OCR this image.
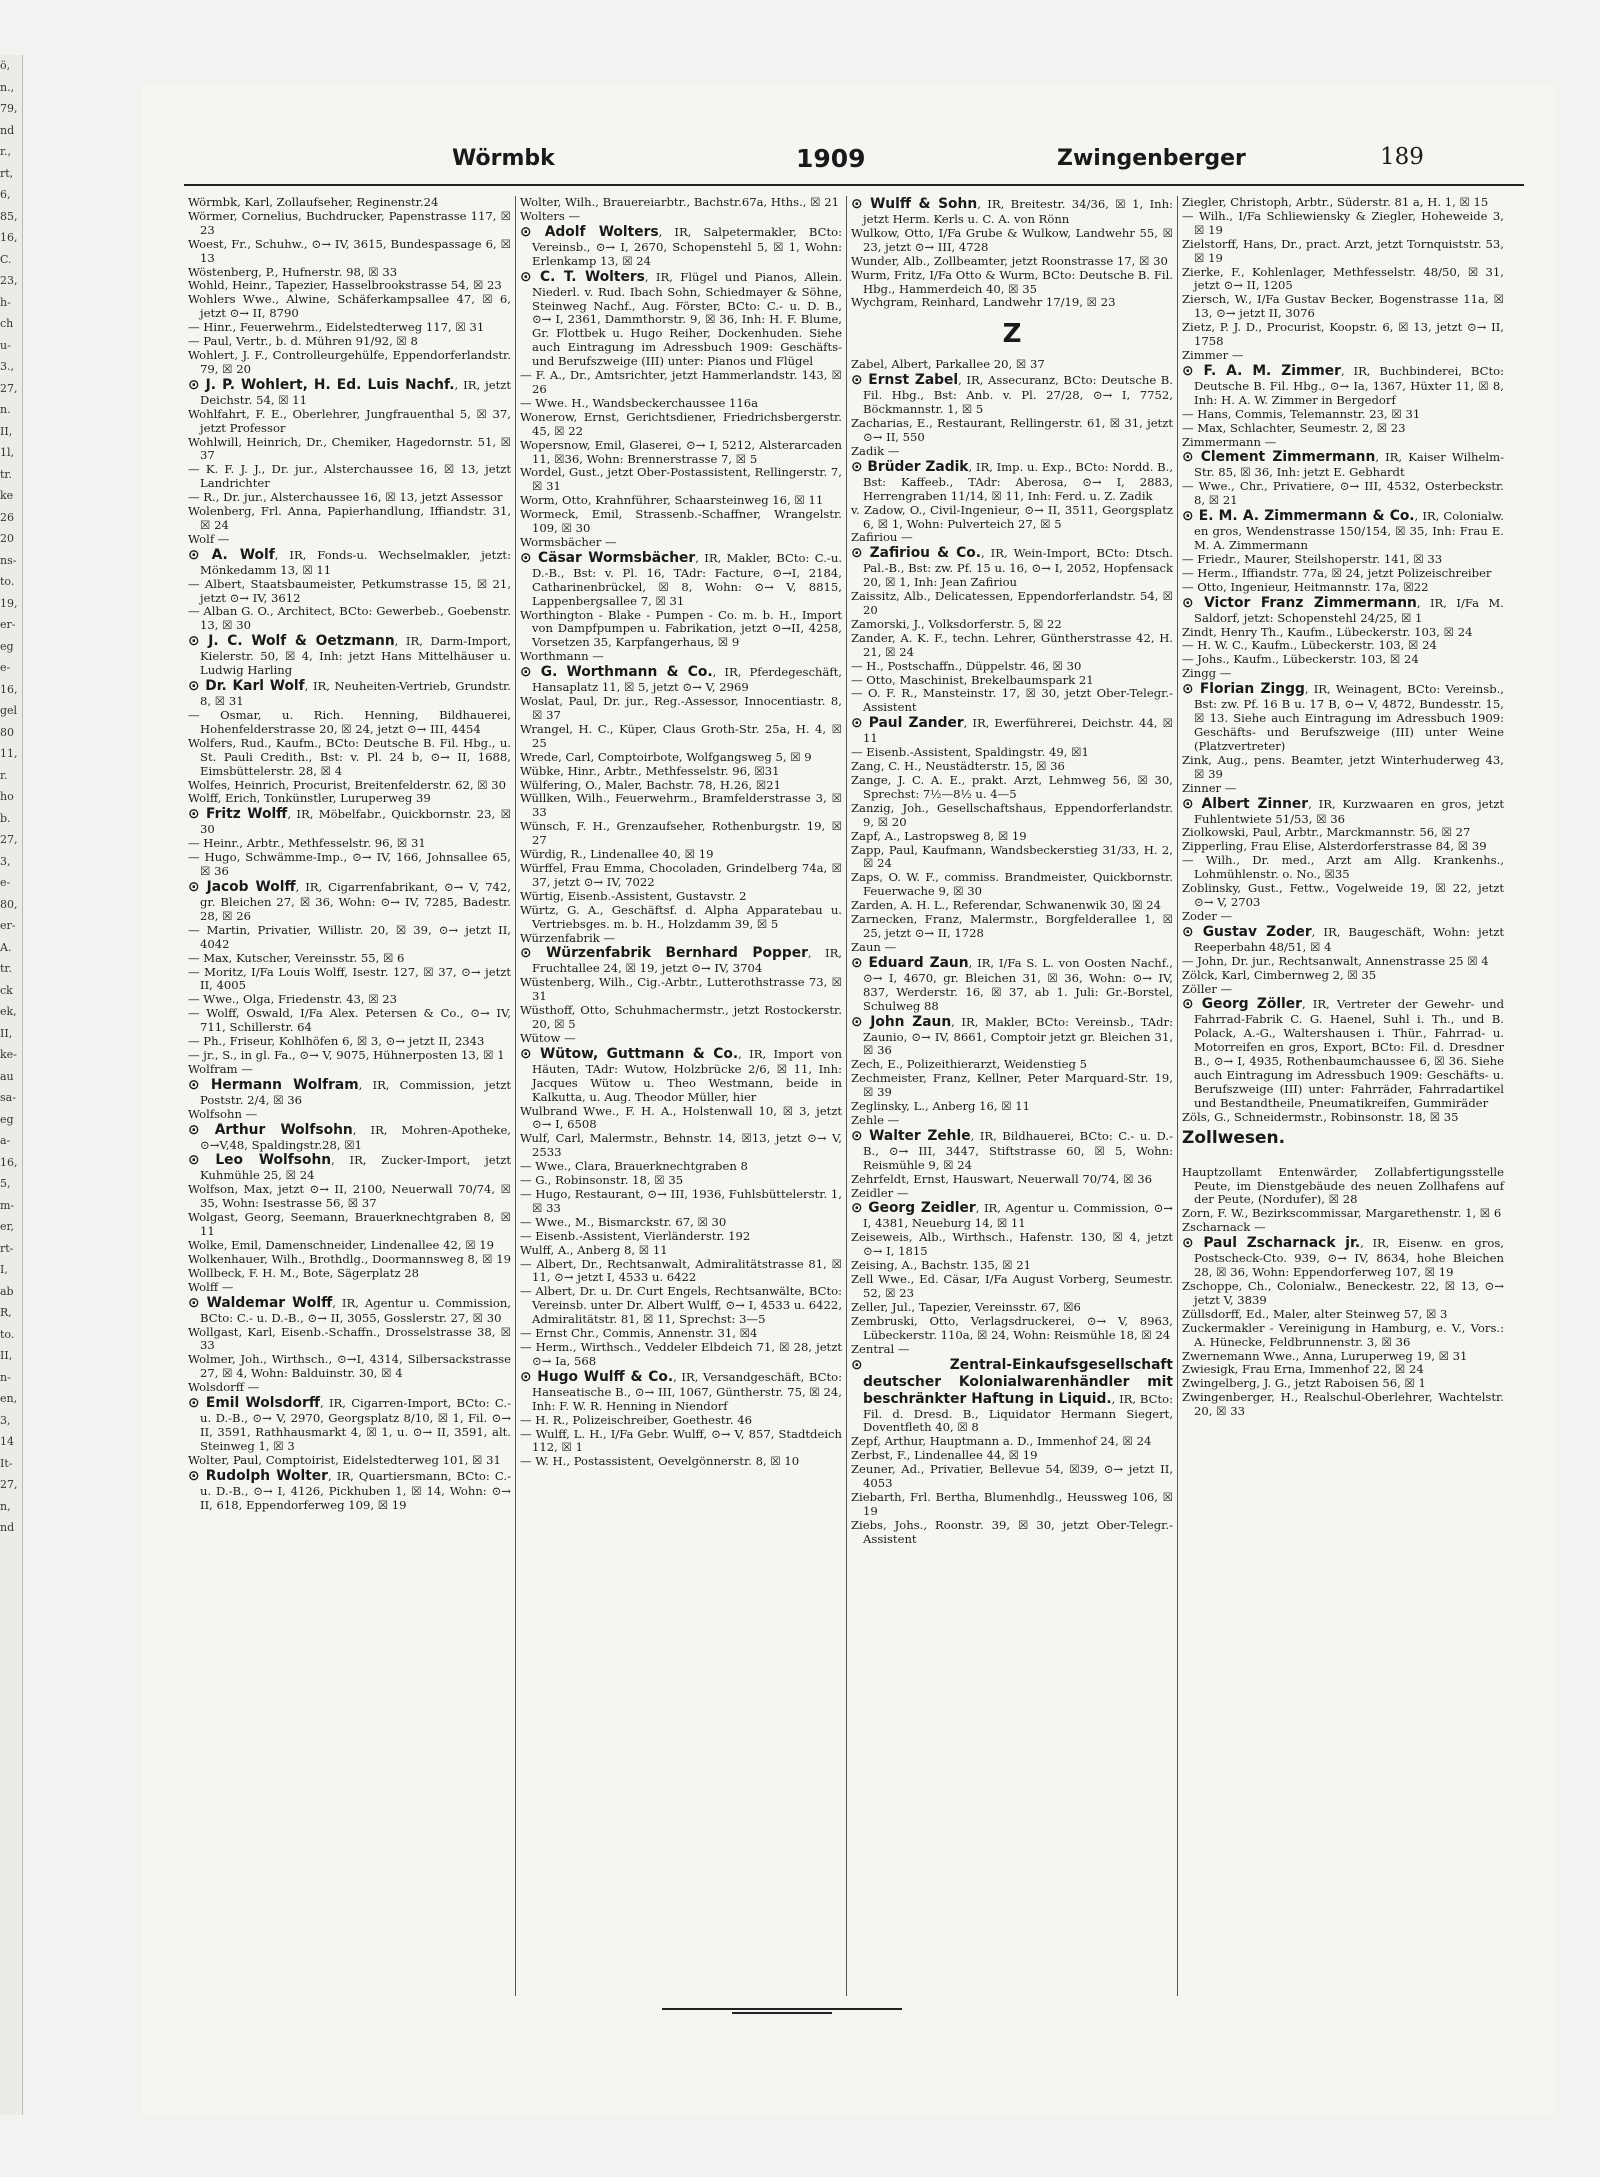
ö,
n.,
79,
nd
r.,
rt,
6,
85,
16,
C.
23,
h-
ch
u-
3.,
27,
n.
II,
1l,
tr.
ke
26
20
ns-
to.
19,
er-
eg
e-
16,
gel
80
11,
r.
ho
b.
27,
3,
e-
80,
er-
A.
tr.
ck
ek,
II,
ke-
au
sa-
eg
a-
16,
5,
m-
er,
rt-
I,
ab
R,
to.
II,
n-
en,
3,
14
It-
27,
n,
nd
Wörmbk	1909	Zwingenberger	189

Wörmbk, Karl, Zollaufseher, Reginenstr.24

Wörmer, Cornelius, Buchdrucker, Papenstrasse 117, ☒ 23

Woest, Fr., Schuhw., ⊙→ IV, 3615, Bundespassage 6, ☒ 13

Wöstenberg, P., Hufnerstr. 98, ☒ 33

Wohld, Heinr., Tapezier, Hasselbrookstrasse 54, ☒ 23

Wohlers Wwe., Alwine, Schäferkampsallee 47, ☒ 6, jetzt ⊙→ II, 8790

— Hinr., Feuerwehrm., Eidelstedterweg 117, ☒ 31

— Paul, Vertr., b. d. Mühren 91/92, ☒ 8

Wohlert, J. F., Controlleurgehülfe, Eppendorferlandstr. 79, ☒ 20

⊙ J. P. Wohlert, H. Ed. Luis Nachf., IR, jetzt Deichstr. 54, ☒ 11

Wohlfahrt, F. E., Oberlehrer, Jungfrauenthal 5, ☒ 37, jetzt Professor

Wohlwill, Heinrich, Dr., Chemiker, Hagedornstr. 51, ☒ 37

— K. F. J. J., Dr. jur., Alsterchaussee 16, ☒ 13, jetzt Landrichter

— R., Dr. jur., Alsterchaussee 16, ☒ 13, jetzt Assessor

Wolenberg, Frl. Anna, Papierhandlung, Iffiandstr. 31, ☒ 24

Wolf —

⊙ A. Wolf, IR, Fonds-u. Wechselmakler, jetzt: Mönkedamm 13, ☒ 11

— Albert, Staatsbaumeister, Petkumstrasse 15, ☒ 21, jetzt ⊙→ IV, 3612

— Alban G. O., Architect, BCto: Gewerbeb., Goebenstr. 13, ☒ 30

⊙ J. C. Wolf & Oetzmann, IR, Darm-Import, Kielerstr. 50, ☒ 4, Inh: jetzt Hans Mittelhäuser u. Ludwig Harling

⊙ Dr. Karl Wolf, IR, Neuheiten-Vertrieb, Grundstr. 8, ☒ 31

— Osmar, u. Rich. Henning, Bildhauerei, Hohenfelderstrasse 20, ☒ 24, jetzt ⊙→ III, 4454

Wolfers, Rud., Kaufm., BCto: Deutsche B. Fil. Hbg., u. St. Pauli Credith., Bst: v. Pl. 24 b, ⊙→ II, 1688, Eimsbüttelerstr. 28, ☒ 4

Wolfes, Heinrich, Procurist, Breitenfelderstr. 62, ☒ 30

Wolff, Erich, Tonkünstler, Luruperweg 39

⊙ Fritz Wolff, IR, Möbelfabr., Quickbornstr. 23, ☒ 30

— Heinr., Arbtr., Methfesselstr. 96, ☒ 31

— Hugo, Schwämme-Imp., ⊙→ IV, 166, Johnsallee 65, ☒ 36

⊙ Jacob Wolff, IR, Cigarrenfabrikant, ⊙→ V, 742, gr. Bleichen 27, ☒ 36, Wohn: ⊙→ IV, 7285, Badestr. 28, ☒ 26

— Martin, Privatier, Willistr. 20, ☒ 39, ⊙→ jetzt II, 4042

— Max, Kutscher, Vereinsstr. 55, ☒ 6

— Moritz, I/Fa Louis Wolff, Isestr. 127, ☒ 37, ⊙→ jetzt II, 4005

— Wwe., Olga, Friedenstr. 43, ☒ 23

— Wolff, Oswald, I/Fa Alex. Petersen & Co., ⊙→ IV, 711, Schillerstr. 64

— Ph., Friseur, Kohlhöfen 6, ☒ 3, ⊙→ jetzt II, 2343

— jr., S., in gl. Fa., ⊙→ V, 9075, Hühnerposten 13, ☒ 1

Wolfram —

⊙ Hermann Wolfram, IR, Commission, jetzt Poststr. 2/4, ☒ 36

Wolfsohn —

⊙ Arthur Wolfsohn, IR, Mohren-Apotheke, ⊙→V,48, Spaldingstr.28, ☒1

⊙ Leo Wolfsohn, IR, Zucker-Import, jetzt Kuhmühle 25, ☒ 24

Wolfson, Max, jetzt ⊙→ II, 2100, Neuerwall 70/74, ☒ 35, Wohn: Isestrasse 56, ☒ 37

Wolgast, Georg, Seemann, Brauerknechtgraben 8, ☒ 11

Wolke, Emil, Damenschneider, Lindenallee 42, ☒ 19

Wolkenhauer, Wilh., Brothdlg., Doormannsweg 8, ☒ 19

Wollbeck, F. H. M., Bote, Sägerplatz 28

Wolff —

⊙ Waldemar Wolff, IR, Agentur u. Commission, BCto: C.- u. D.-B., ⊙→ II, 3055, Gosslerstr. 27, ☒ 30

Wollgast, Karl, Eisenb.-Schaffn., Drosselstrasse 38, ☒ 33

Wolmer, Joh., Wirthsch., ⊙→I, 4314, Silbersackstrasse 27, ☒ 4, Wohn: Balduinstr. 30, ☒ 4

Wolsdorff —

⊙ Emil Wolsdorff, IR, Cigarren-Import, BCto: C.- u. D.-B., ⊙→ V, 2970, Georgsplatz 8/10, ☒ 1, Fil. ⊙→ II, 3591, Rathhausmarkt 4, ☒ 1, u. ⊙→ II, 3591, alt. Steinweg 1, ☒ 3

Wolter, Paul, Comptoirist, Eidelstedterweg 101, ☒ 31

⊙ Rudolph Wolter, IR, Quartiersmann, BCto: C.- u. D.-B., ⊙→ I, 4126, Pickhuben 1, ☒ 14, Wohn: ⊙→ II, 618, Eppendorferweg 109, ☒ 19

Wolter, Wilh., Brauereiarbtr., Bachstr.67a, Hths., ☒ 21

Wolters —

⊙ Adolf Wolters, IR, Salpetermakler, BCto: Vereinsb., ⊙→ I, 2670, Schopenstehl 5, ☒ 1, Wohn: Erlenkamp 13, ☒ 24

⊙ C. T. Wolters, IR, Flügel und Pianos, Allein. Niederl. v. Rud. Ibach Sohn, Schiedmayer & Söhne, Steinweg Nachf., Aug. Förster, BCto: C.- u. D. B., ⊙→ I, 2361, Dammthorstr. 9, ☒ 36, Inh: H. F. Blume, Gr. Flottbek u. Hugo Reiher, Dockenhuden. Siehe auch Eintragung im Adressbuch 1909: Geschäfts- und Berufszweige (III) unter: Pianos und Flügel

— F. A., Dr., Amtsrichter, jetzt Hammerlandstr. 143, ☒ 26

— Wwe. H., Wandsbeckerchaussee 116a

Wonerow, Ernst, Gerichtsdiener, Friedrichsbergerstr. 45, ☒ 22

Wopersnow, Emil, Glaserei, ⊙→ I, 5212, Alsterarcaden 11, ☒36, Wohn: Brennerstrasse 7, ☒ 5

Wordel, Gust., jetzt Ober-Postassistent, Rellingerstr. 7, ☒ 31

Worm, Otto, Krahnführer, Schaarsteinweg 16, ☒ 11

Wormeck, Emil, Strassenb.-Schaffner, Wrangelstr. 109, ☒ 30

Wormsbächer —

⊙ Cäsar Wormsbächer, IR, Makler, BCto: C.-u. D.-B., Bst: v. Pl. 16, TAdr: Facture, ⊙→I, 2184, Catharinenbrückel, ☒ 8, Wohn: ⊙→ V, 8815, Lappenbergsallee 7, ☒ 31

Worthington - Blake - Pumpen - Co. m. b. H., Import von Dampfpumpen u. Fabrikation, jetzt ⊙→II, 4258, Vorsetzen 35, Karpfangerhaus, ☒ 9

Worthmann —

⊙ G. Worthmann & Co., IR, Pferdegeschäft, Hansaplatz 11, ☒ 5, jetzt ⊙→ V, 2969

Woslat, Paul, Dr. jur., Reg.-Assessor, Innocentiastr. 8, ☒ 37

Wrangel, H. C., Küper, Claus Groth-Str. 25a, H. 4, ☒ 25

Wrede, Carl, Comptoirbote, Wolfgangsweg 5, ☒ 9

Wübke, Hinr., Arbtr., Methfesselstr. 96, ☒31

Wülfering, O., Maler, Bachstr. 78, H.26, ☒21

Wüllken, Wilh., Feuerwehrm., Bramfelderstrasse 3, ☒ 33

Wünsch, F. H., Grenzaufseher, Rothenburgstr. 19, ☒ 27

Würdig, R., Lindenallee 40, ☒ 19

Würffel, Frau Emma, Chocoladen, Grindelberg 74a, ☒ 37, jetzt ⊙→ IV, 7022

Würtig, Eisenb.-Assistent, Gustavstr. 2

Würtz, G. A., Geschäftsf. d. Alpha Apparatebau u. Vertriebsges. m. b. H., Holzdamm 39, ☒ 5

Würzenfabrik —

⊙ Würzenfabrik Bernhard Popper, IR, Fruchtallee 24, ☒ 19, jetzt ⊙→ IV, 3704

Wüstenberg, Wilh., Cig.-Arbtr., Lutterothstrasse 73, ☒ 31

Wüsthoff, Otto, Schuhmachermstr., jetzt Rostockerstr. 20, ☒ 5

Wütow —

⊙ Wütow, Guttmann & Co., IR, Import von Häuten, TAdr: Wutow, Holzbrücke 2/6, ☒ 11, Inh: Jacques Wütow u. Theo Westmann, beide in Kalkutta, u. Aug. Theodor Müller, hier

Wulbrand Wwe., F. H. A., Holstenwall 10, ☒ 3, jetzt ⊙→ I, 6508

Wulf, Carl, Malermstr., Behnstr. 14, ☒13, jetzt ⊙→ V, 2533

— Wwe., Clara, Brauerknechtgraben 8

— G., Robinsonstr. 18, ☒ 35

— Hugo, Restaurant, ⊙→ III, 1936, Fuhlsbüttelerstr. 1, ☒ 33

— Wwe., M., Bismarckstr. 67, ☒ 30

— Eisenb.-Assistent, Vierländerstr. 192

Wulff, A., Anberg 8, ☒ 11

— Albert, Dr., Rechtsanwalt, Admiralitätstrasse 81, ☒ 11, ⊙→ jetzt I, 4533 u. 6422

— Albert, Dr. u. Dr. Curt Engels, Rechtsanwälte, BCto: Vereinsb. unter Dr. Albert Wulff, ⊙→ I, 4533 u. 6422, Admiralitätstr. 81, ☒ 11, Sprechst: 3—5

— Ernst Chr., Commis, Annenstr. 31, ☒4

— Herm., Wirthsch., Veddeler Elbdeich 71, ☒ 28, jetzt ⊙→ Ia, 568

⊙ Hugo Wulff & Co., IR, Versandgeschäft, BCto: Hanseatische B., ⊙→ III, 1067, Güntherstr. 75, ☒ 24, Inh: F. W. R. Henning in Niendorf

— H. R., Polizeischreiber, Goethestr. 46

— Wulff, L. H., I/Fa Gebr. Wulff, ⊙→ V, 857, Stadtdeich 112, ☒ 1

— W. H., Postassistent, Oevelgönnerstr. 8, ☒ 10

⊙ Wulff & Sohn, IR, Breitestr. 34/36, ☒ 1, Inh: jetzt Herm. Kerls u. C. A. von Rönn

Wulkow, Otto, I/Fa Grube & Wulkow, Landwehr 55, ☒ 23, jetzt ⊙→ III, 4728

Wunder, Alb., Zollbeamter, jetzt Roonstrasse 17, ☒ 30

Wurm, Fritz, I/Fa Otto & Wurm, BCto: Deutsche B. Fil. Hbg., Hammerdeich 40, ☒ 35

Wychgram, Reinhard, Landwehr 17/19, ☒ 23

Z

Zabel, Albert, Parkallee 20, ☒ 37

⊙ Ernst Zabel, IR, Assecuranz, BCto: Deutsche B. Fil. Hbg., Bst: Anb. v. Pl. 27/28, ⊙→ I, 7752, Böckmannstr. 1, ☒ 5

Zacharias, E., Restaurant, Rellingerstr. 61, ☒ 31, jetzt ⊙→ II, 550

Zadik —

⊙ Brüder Zadik, IR, Imp. u. Exp., BCto: Nordd. B., Bst: Kaffeeb., TAdr: Aberosa, ⊙→ I, 2883, Herrengraben 11/14, ☒ 11, Inh: Ferd. u. Z. Zadik

v. Zadow, O., Civil-Ingenieur, ⊙→ II, 3511, Georgsplatz 6, ☒ 1, Wohn: Pulverteich 27, ☒ 5

Zafiriou —

⊙ Zafiriou & Co., IR, Wein-Import, BCto: Dtsch. Pal.-B., Bst: zw. Pf. 15 u. 16, ⊙→ I, 2052, Hopfensack 20, ☒ 1, Inh: Jean Zafiriou

Zaissitz, Alb., Delicatessen, Eppendorferlandstr. 54, ☒ 20

Zamorski, J., Volksdorferstr. 5, ☒ 22

Zander, A. K. F., techn. Lehrer, Güntherstrasse 42, H. 21, ☒ 24

— H., Postschaffn., Düppelstr. 46, ☒ 30

— Otto, Maschinist, Brekelbaumspark 21

— O. F. R., Mansteinstr. 17, ☒ 30, jetzt Ober-Telegr.-Assistent

⊙ Paul Zander, IR, Ewerführerei, Deichstr. 44, ☒ 11

— Eisenb.-Assistent, Spaldingstr. 49, ☒1

Zang, C. H., Neustädterstr. 15, ☒ 36

Zange, J. C. A. E., prakt. Arzt, Lehmweg 56, ☒ 30, Sprechst: 7½—8½ u. 4—5

Zanzig, Joh., Gesellschaftshaus, Eppendorferlandstr. 9, ☒ 20

Zapf, A., Lastropsweg 8, ☒ 19

Zapp, Paul, Kaufmann, Wandsbeckerstieg 31/33, H. 2, ☒ 24

Zaps, O. W. F., commiss. Brandmeister, Quickbornstr. Feuerwache 9, ☒ 30

Zarden, A. H. L., Referendar, Schwanenwik 30, ☒ 24

Zarnecken, Franz, Malermstr., Borgfelderallee 1, ☒ 25, jetzt ⊙→ II, 1728

Zaun —

⊙ Eduard Zaun, IR, I/Fa S. L. von Oosten Nachf., ⊙→ I, 4670, gr. Bleichen 31, ☒ 36, Wohn: ⊙→ IV, 837, Werderstr. 16, ☒ 37, ab 1. Juli: Gr.-Borstel, Schulweg 88

⊙ John Zaun, IR, Makler, BCto: Vereinsb., TAdr: Zaunio, ⊙→ IV, 8661, Comptoir jetzt gr. Bleichen 31, ☒ 36

Zech, E., Polizeithierarzt, Weidenstieg 5

Zechmeister, Franz, Kellner, Peter Marquard-Str. 19, ☒ 39

Zeglinsky, L., Anberg 16, ☒ 11

Zehle —

⊙ Walter Zehle, IR, Bildhauerei, BCto: C.- u. D.-B., ⊙→ III, 3447, Stiftstrasse 60, ☒ 5, Wohn: Reismühle 9, ☒ 24

Zehrfeldt, Ernst, Hauswart, Neuerwall 70/74, ☒ 36

Zeidler —

⊙ Georg Zeidler, IR, Agentur u. Commission, ⊙→ I, 4381, Neueburg 14, ☒ 11

Zeiseweis, Alb., Wirthsch., Hafenstr. 130, ☒ 4, jetzt ⊙→ I, 1815

Zeising, A., Bachstr. 135, ☒ 21

Zell Wwe., Ed. Cäsar, I/Fa August Vorberg, Seumestr. 52, ☒ 23

Zeller, Jul., Tapezier, Vereinsstr. 67, ☒6

Zembruski, Otto, Verlagsdruckerei, ⊙→ V, 8963, Lübeckerstr. 110a, ☒ 24, Wohn: Reismühle 18, ☒ 24

Zentral —

⊙ Zentral-Einkaufsgesellschaft deutscher Kolonialwarenhändler mit beschränkter Haftung in Liquid., IR, BCto: Fil. d. Dresd. B., Liquidator Hermann Siegert, Doventfleth 40, ☒ 8

Zepf, Arthur, Hauptmann a. D., Immenhof 24, ☒ 24

Zerbst, F., Lindenallee 44, ☒ 19

Zeuner, Ad., Privatier, Bellevue 54, ☒39, ⊙→ jetzt II, 4053

Ziebarth, Frl. Bertha, Blumenhdlg., Heussweg 106, ☒ 19

Ziebs, Johs., Roonstr. 39, ☒ 30, jetzt Ober-Telegr.-Assistent

Ziegler, Christoph, Arbtr., Süderstr. 81 a, H. 1, ☒ 15

— Wilh., I/Fa Schliewiensky & Ziegler, Hoheweide 3, ☒ 19

Zielstorff, Hans, Dr., pract. Arzt, jetzt Tornquiststr. 53, ☒ 19

Zierke, F., Kohlenlager, Methfesselstr. 48/50, ☒ 31, jetzt ⊙→ II, 1205

Ziersch, W., I/Fa Gustav Becker, Bogenstrasse 11a, ☒ 13, ⊙→ jetzt II, 3076

Zietz, P. J. D., Procurist, Koopstr. 6, ☒ 13, jetzt ⊙→ II, 1758

Zimmer —

⊙ F. A. M. Zimmer, IR, Buchbinderei, BCto: Deutsche B. Fil. Hbg., ⊙→ Ia, 1367, Hüxter 11, ☒ 8, Inh: H. A. W. Zimmer in Bergedorf

— Hans, Commis, Telemannstr. 23, ☒ 31

— Max, Schlachter, Seumestr. 2, ☒ 23

Zimmermann —

⊙ Clement Zimmermann, IR, Kaiser Wilhelm-Str. 85, ☒ 36, Inh: jetzt E. Gebhardt

— Wwe., Chr., Privatiere, ⊙→ III, 4532, Osterbeckstr. 8, ☒ 21

⊙ E. M. A. Zimmermann & Co., IR, Colonialw. en gros, Wendenstrasse 150/154, ☒ 35, Inh: Frau E. M. A. Zimmermann

— Friedr., Maurer, Steilshoperstr. 141, ☒ 33

— Herm., Iffiandstr. 77a, ☒ 24, jetzt Polizeischreiber

— Otto, Ingenieur, Heitmannstr. 17a, ☒22

⊙ Victor Franz Zimmermann, IR, I/Fa M. Saldorf, jetzt: Schopenstehl 24/25, ☒ 1

Zindt, Henry Th., Kaufm., Lübeckerstr. 103, ☒ 24

— H. W. C., Kaufm., Lübeckerstr. 103, ☒ 24

— Johs., Kaufm., Lübeckerstr. 103, ☒ 24

Zingg —

⊙ Florian Zingg, IR, Weinagent, BCto: Vereinsb., Bst: zw. Pf. 16 B u. 17 B, ⊙→ V, 4872, Bundesstr. 15, ☒ 13. Siehe auch Eintragung im Adressbuch 1909: Geschäfts- und Berufszweige (III) unter Weine (Platzvertreter)

Zink, Aug., pens. Beamter, jetzt Winterhuderweg 43, ☒ 39

Zinner —

⊙ Albert Zinner, IR, Kurzwaaren en gros, jetzt Fuhlentwiete 51/53, ☒ 36

Ziolkowski, Paul, Arbtr., Marckmannstr. 56, ☒ 27

Zipperling, Frau Elise, Alsterdorferstrasse 84, ☒ 39

— Wilh., Dr. med., Arzt am Allg. Krankenhs., Lohmühlenstr. o. No., ☒35

Zoblinsky, Gust., Fettw., Vogelweide 19, ☒ 22, jetzt ⊙→ V, 2703

Zoder —

⊙ Gustav Zoder, IR, Baugeschäft, Wohn: jetzt Reeperbahn 48/51, ☒ 4

— John, Dr. jur., Rechtsanwalt, Annenstrasse 25 ☒ 4

Zölck, Karl, Cimbernweg 2, ☒ 35

Zöller —

⊙ Georg Zöller, IR, Vertreter der Gewehr- und Fahrrad-Fabrik C. G. Haenel, Suhl i. Th., und B. Polack, A.-G., Waltershausen i. Thür., Fahrrad- u. Motorreifen en gros, Export, BCto: Fil. d. Dresdner B., ⊙→ I, 4935, Rothenbaumchaussee 6, ☒ 36. Siehe auch Eintragung im Adressbuch 1909: Geschäfts- u. Berufszweige (III) unter: Fahrräder, Fahrradartikel und Bestandtheile, Pneumatikreifen, Gummiräder

Zöls, G., Schneidermstr., Robinsonstr. 18, ☒ 35

Zollwesen.

Hauptzollamt Entenwärder, Zollabfertigungsstelle Peute, im Dienstgebäude des neuen Zollhafens auf der Peute, (Nordufer), ☒ 28

Zorn, F. W., Bezirkscommissar, Margarethenstr. 1, ☒ 6

Zscharnack —

⊙ Paul Zscharnack jr., IR, Eisenw. en gros, Postscheck-Cto. 939, ⊙→ IV, 8634, hohe Bleichen 28, ☒ 36, Wohn: Eppendorferweg 107, ☒ 19

Zschoppe, Ch., Colonialw., Beneckestr. 22, ☒ 13, ⊙→ jetzt V, 3839

Züllsdorff, Ed., Maler, alter Steinweg 57, ☒ 3

Zuckermakler - Vereinigung in Hamburg, e. V., Vors.: A. Hünecke, Feldbrunnenstr. 3, ☒ 36

Zwernemann Wwe., Anna, Luruperweg 19, ☒ 31

Zwiesigk, Frau Erna, Immenhof 22, ☒ 24

Zwingelberg, J. G., jetzt Raboisen 56, ☒ 1

Zwingenberger, H., Realschul-Oberlehrer, Wachtelstr. 20, ☒ 33
